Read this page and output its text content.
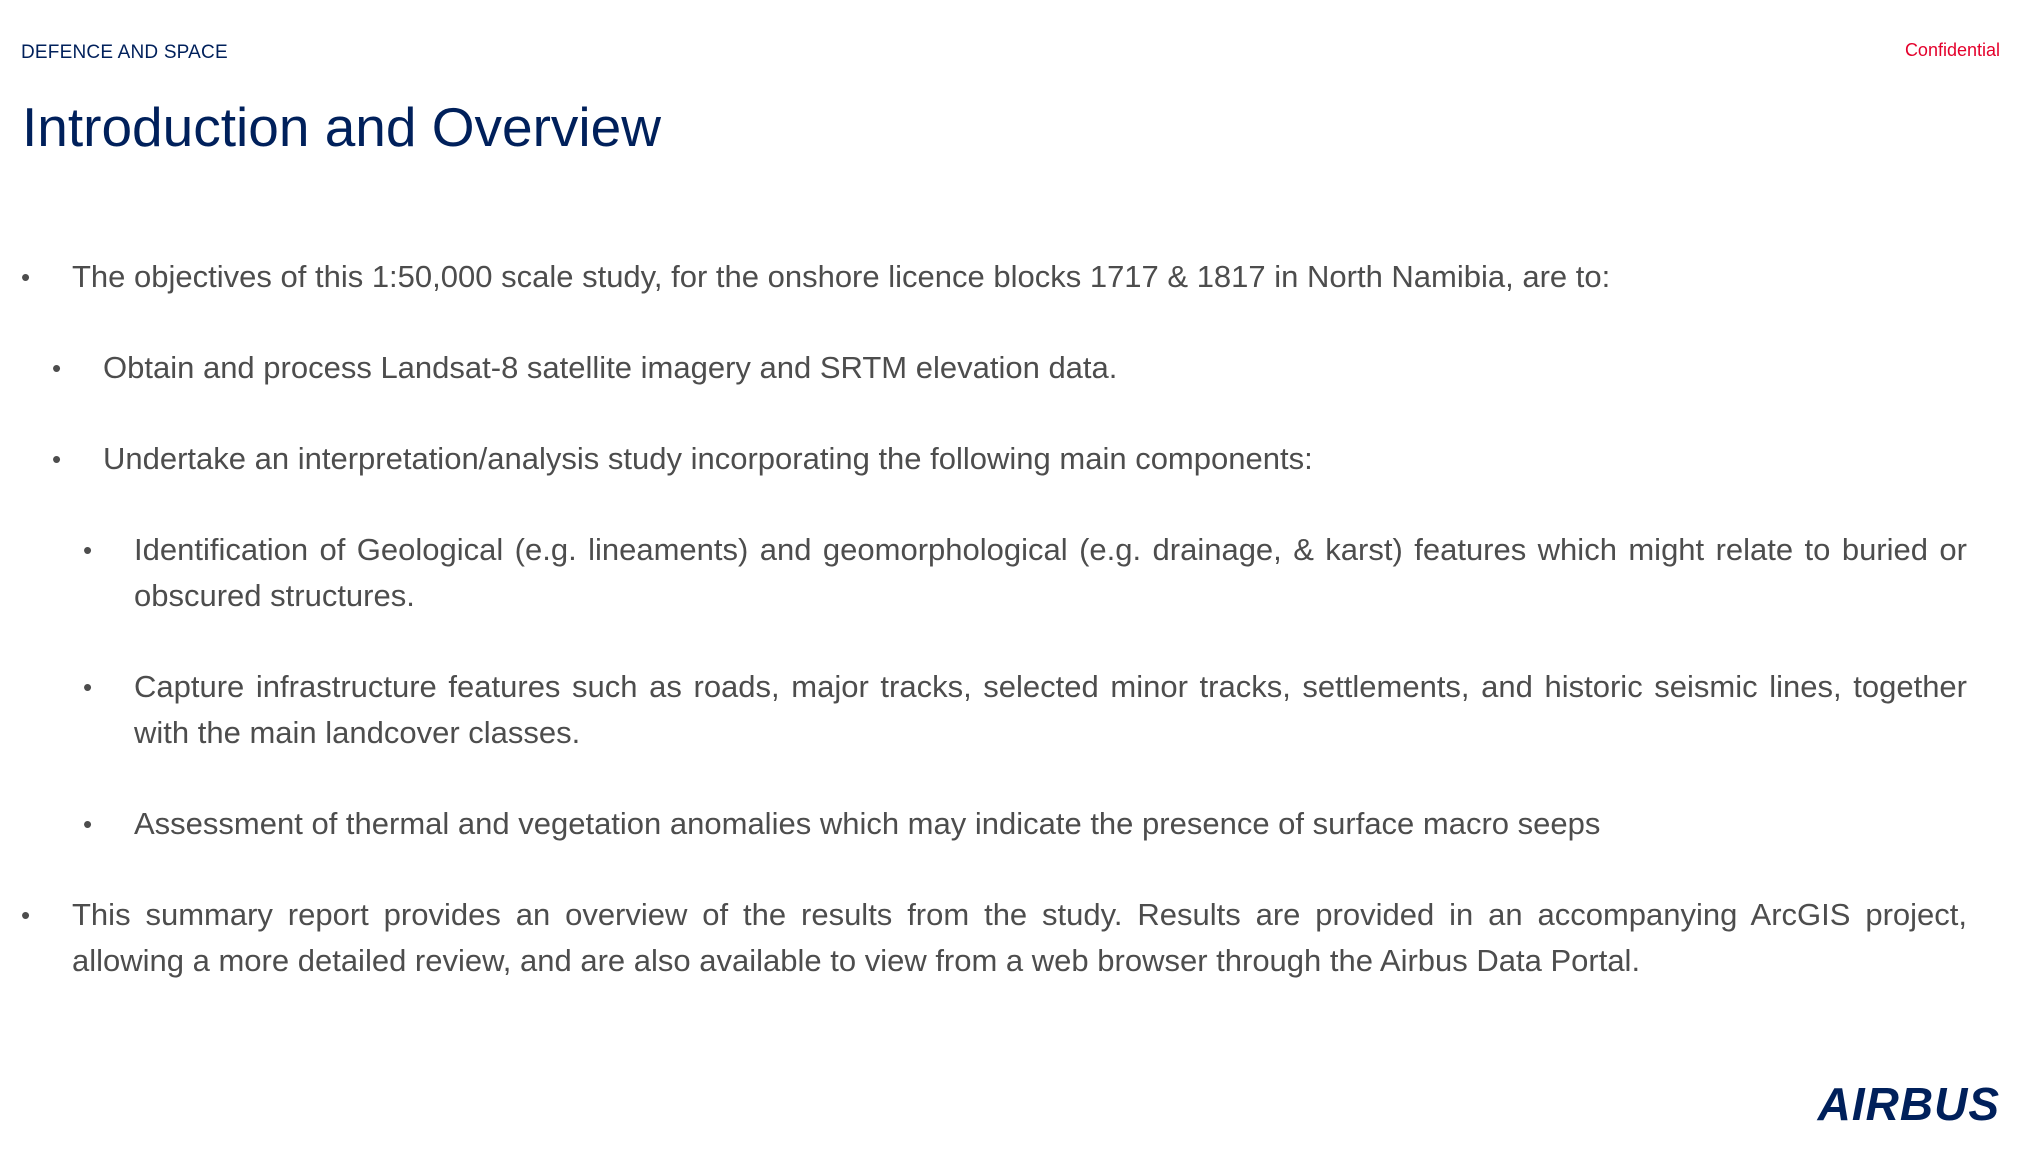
DEFENCE AND SPACE	Confidential
Introduction and Overview
• The objectives of this 1:50,000 scale study, for the onshore licence blocks 1717 & 1817 in North Namibia, are to:
• Obtain and process Landsat-8 satellite imagery and SRTM elevation data.
• Undertake an interpretation/analysis study incorporating the following main components:
• Identification of Geological (e.g. lineaments) and geomorphological (e.g. drainage, & karst) features which might relate to buried or obscured structures.
• Capture infrastructure features such as roads, major tracks, selected minor tracks, settlements, and historic seismic lines, together with the main landcover classes.
• Assessment of thermal and vegetation anomalies which may indicate the presence of surface macro seeps
• This summary report provides an overview of the results from the study. Results are provided in an accompanying ArcGIS project, allowing a more detailed review, and are also available to view from a web browser through the Airbus Data Portal.
AIRBUS
